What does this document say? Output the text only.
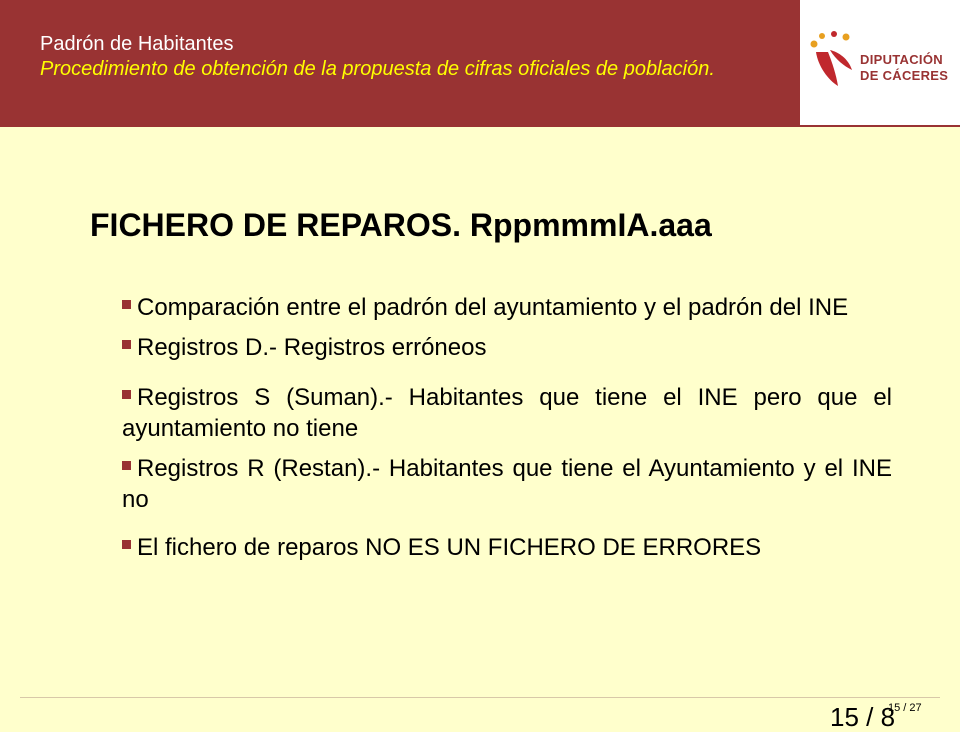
Padrón de Habitantes
Procedimiento de obtención de la propuesta de cifras oficiales de población.	DIPUTACIÓN
DE CÁCERES
FICHERO DE REPAROS. RppmmmIA.aaa
Comparación entre el padrón del ayuntamiento y el padrón del INE
Registros D.- Registros erróneos
Registros S (Suman).- Habitantes que tiene el INE pero que el ayuntamiento no tiene
Registros R (Restan).- Habitantes que tiene el Ayuntamiento y el INE no
El fichero de reparos NO ES UN FICHERO DE ERRORES
15 / 8
15 / 27
